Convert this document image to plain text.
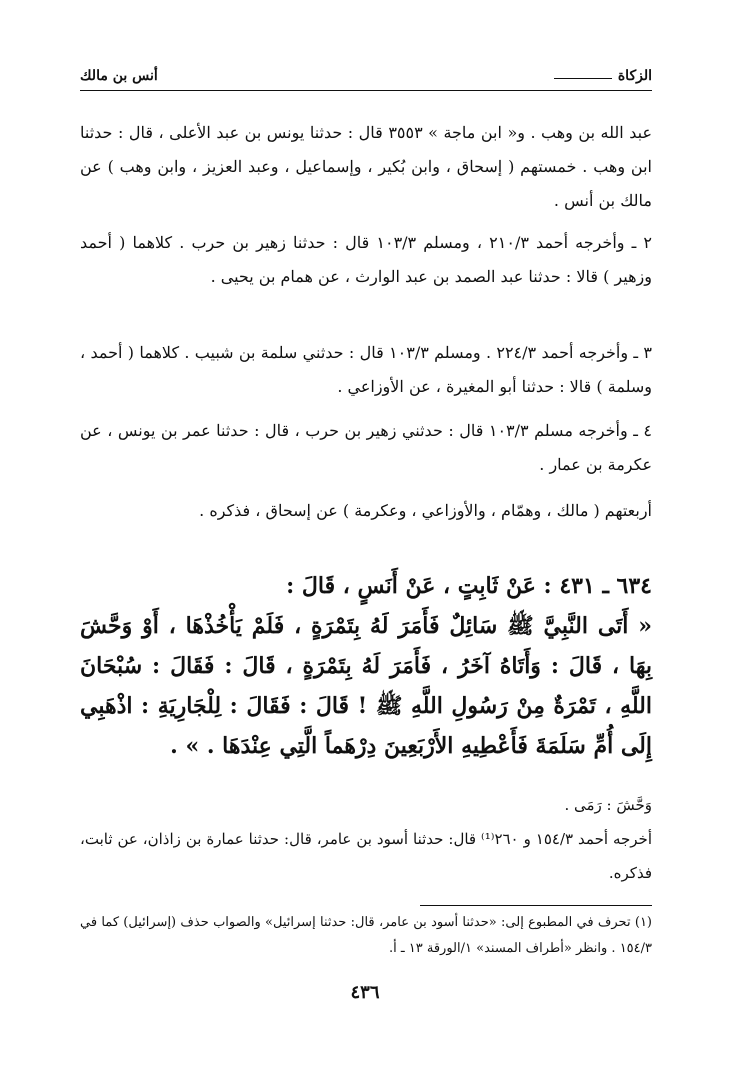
الزكاة
أنس بن مالك

عبد الله بن وهب . و« ابن ماجة » ٣٥٥٣ قال : حدثنا يونس بن عبد الأعلى ، قال : حدثنا ابن وهب . خمستهم ( إسحاق ، وابن بُكير ، وإسماعيل ، وعبد العزيز ، وابن وهب ) عن مالك بن أنس .

٢ ـ وأخرجه أحمد ٢١٠/٣ ، ومسلم ١٠٣/٣ قال : حدثنا زهير بن حرب . كلاهما ( أحمد وزهير ) قالا : حدثنا عبد الصمد بن عبد الوارث ، عن همام بن يحيى .

٣ ـ وأخرجه أحمد ٢٢٤/٣ . ومسلم ١٠٣/٣ قال : حدثني سلمة بن شبيب . كلاهما ( أحمد ، وسلمة ) قالا : حدثنا أبو المغيرة ، عن الأوزاعي .

٤ ـ وأخرجه مسلم ١٠٣/٣ قال : حدثني زهير بن حرب ، قال : حدثنا عمر بن يونس ، عن عكرمة بن عمار .

أربعتهم ( مالك ، وهمّام ، والأوزاعي ، وعكرمة ) عن إسحاق ، فذكره .

٦٣٤ ـ ٤٣١ : عَنْ ثَابِتٍ ، عَنْ أَنَسٍ ، قَالَ :

« أَتَى النَّبِيَّ ﷺ سَائِلٌ فَأَمَرَ لَهُ بِتَمْرَةٍ ، فَلَمْ يَأْخُذْهَا ، أَوْ وَحَّشَ بِهَا ، قَالَ : وَأَتَاهُ آخَرُ ، فَأَمَرَ لَهُ بِتَمْرَةٍ ، قَالَ : فَقَالَ : سُبْحَانَ اللَّهِ ، تَمْرَةٌ مِنْ رَسُولِ اللَّهِ ﷺ ! قَالَ : فَقَالَ : لِلْجَارِيَةِ : اذْهَبِي إِلَى أُمِّ سَلَمَةَ فَأَعْطِيهِ الأَرْبَعِينَ دِرْهَماً الَّتِي عِنْدَهَا . » .

وَحَّشَ : رَمَى .

أخرجه أحمد ١٥٤/٣ و ٢٦٠⁽¹⁾ قال: حدثنا أسود بن عامر، قال: حدثنا عمارة بن زاذان، عن ثابت، فذكره.

(١) تحرف في المطبوع إلى: «حدثنا أسود بن عامر، قال: حدثنا إسرائيل» والصواب حذف (إسرائيل) كما في ١٥٤/٣ . وانظر «أطراف المسند» ١/الورقة ١٣ ـ أ.

٤٣٦
